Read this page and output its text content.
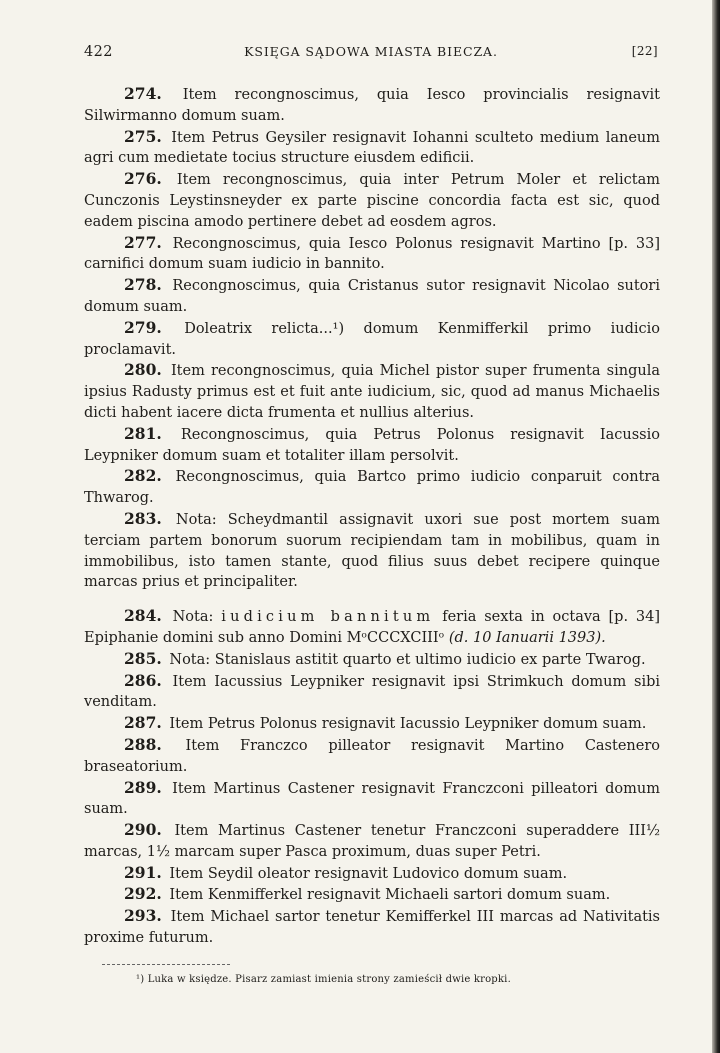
422	KSIĘGA SĄDOWA MIASTA BIECZA.	[22]

274. Item recongnoscimus, quia Iesco provincialis resignavit Silwirmanno domum suam.

275. Item Petrus Geysiler resignavit Iohanni sculteto medium laneum agri cum medietate tocius structure eiusdem edificii.

276. Item recongnoscimus, quia inter Petrum Moler et relictam Cunczonis Leystinsneyder ex parte piscine concordia facta est sic, quod eadem piscina amodo pertinere debet ad eosdem agros.

277. Recongnoscimus, quia Iesco Polonus resignavit Martino [p. 33] carnifici domum suam iudicio in bannito.

278. Recongnoscimus, quia Cristanus sutor resignavit Nicolao sutori domum suam.

279. Doleatrix relicta...¹) domum Kenmifferkil primo iudicio proclamavit.

280. Item recongnoscimus, quia Michel pistor super frumenta singula ipsius Radusty primus est et fuit ante iudicium, sic, quod ad manus Michaelis dicti habent iacere dicta frumenta et nullius alterius.

281. Recongnoscimus, quia Petrus Polonus resignavit Iacussio Leypniker domum suam et totaliter illam persolvit.

282. Recongnoscimus, quia Bartco primo iudicio conparuit contra Thwarog.

283. Nota: Scheydmantil assignavit uxori sue post mortem suam terciam partem bonorum suorum recipiendam tam in mobilibus, quam in immobilibus, isto tamen stante, quod filius suus debet recipere quinque marcas prius et principaliter.

284. Nota: iudicium bannitum feria sexta in octava [p. 34] Epiphanie domini sub anno Domini MᵒCCCXCIIIᵒ (d. 10 Ianuarii 1393).

285. Nota: Stanislaus astitit quarto et ultimo iudicio ex parte Twarog.

286. Item Iacussius Leypniker resignavit ipsi Strimkuch domum sibi venditam.

287. Item Petrus Polonus resignavit Iacussio Leypniker domum suam.

288. Item Franczco pilleator resignavit Martino Castenero braseatorium.

289. Item Martinus Castener resignavit Franczconi pilleatori domum suam.

290. Item Martinus Castener tenetur Franczconi superaddere III½ marcas, 1½ marcam super Pasca proximum, duas super Petri.

291. Item Seydil oleator resignavit Ludovico domum suam.

292. Item Kenmifferkel resignavit Michaeli sartori domum suam.

293. Item Michael sartor tenetur Kemifferkel III marcas ad Nativitatis proxime futurum.

¹) Luka w księdze. Pisarz zamiast imienia strony zamieścił dwie kropki.
